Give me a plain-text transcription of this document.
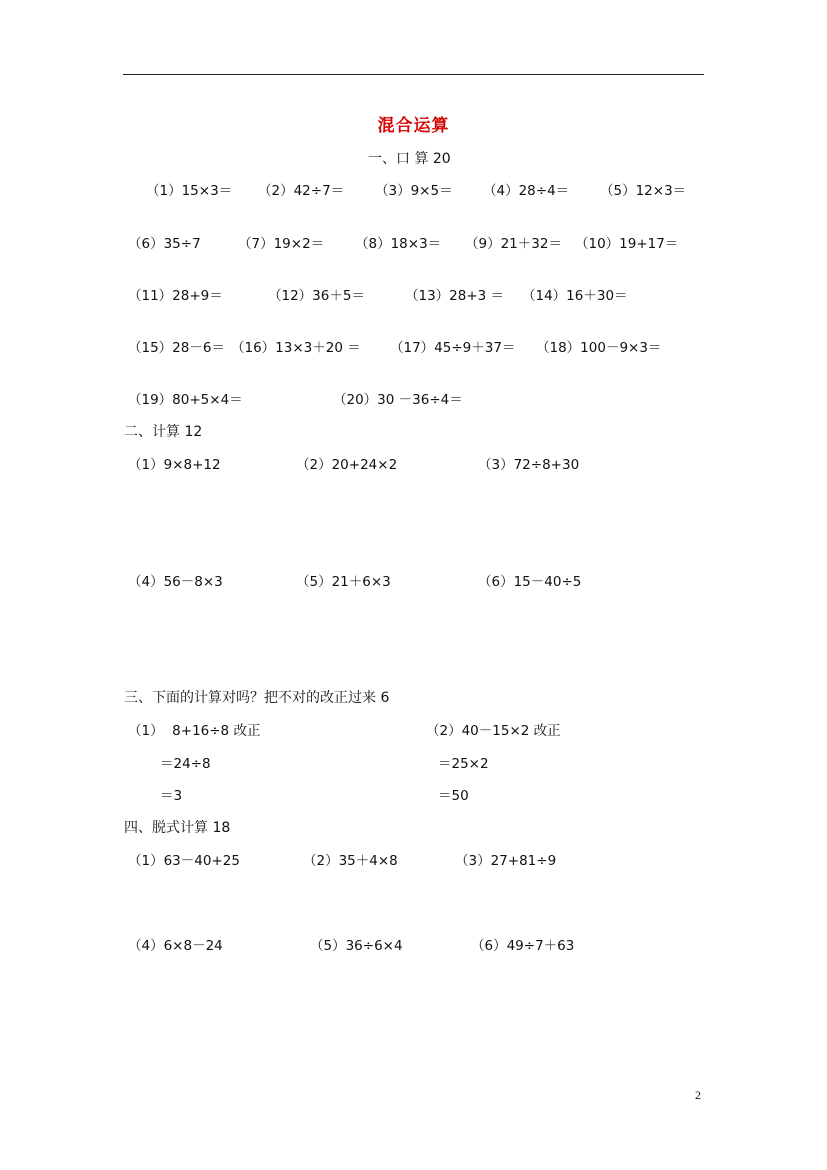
混合运算
一、口 算 20
（1）15×3＝ （2）42÷7＝ （3）9×5＝ （4）28÷4＝ （5）12×3＝
（6）35÷7	（7）19×2＝ （8）18×3＝ （9）21＋32＝ （10）19+17＝
（11）28+9＝	（12）36＋5＝	（13）28+3 ＝ （14）16＋30＝
（15）28－6＝ （16）13×3＋20 ＝ （17）45÷9＋37＝ （18）100－9×3＝
（19）80+5×4＝	（20）30 －36÷4＝
二、计算 12
（1）9×8+12	（2）20+24×2	（3）72÷8+30
（4）56－8×3	（5）21＋6×3	（6）15－40÷5
三、下面的计算对吗？把不对的改正过来 6
（1）  8+16÷8 改正
＝24÷8
＝3
（2）40－15×2 改正
＝25×2
＝50
四、脱式计算 18
（1）63－40+25	（2）35＋4×8	（3）27+81÷9
（4）6×8－24	（5）36÷6×4	（6）49÷7＋63
2
